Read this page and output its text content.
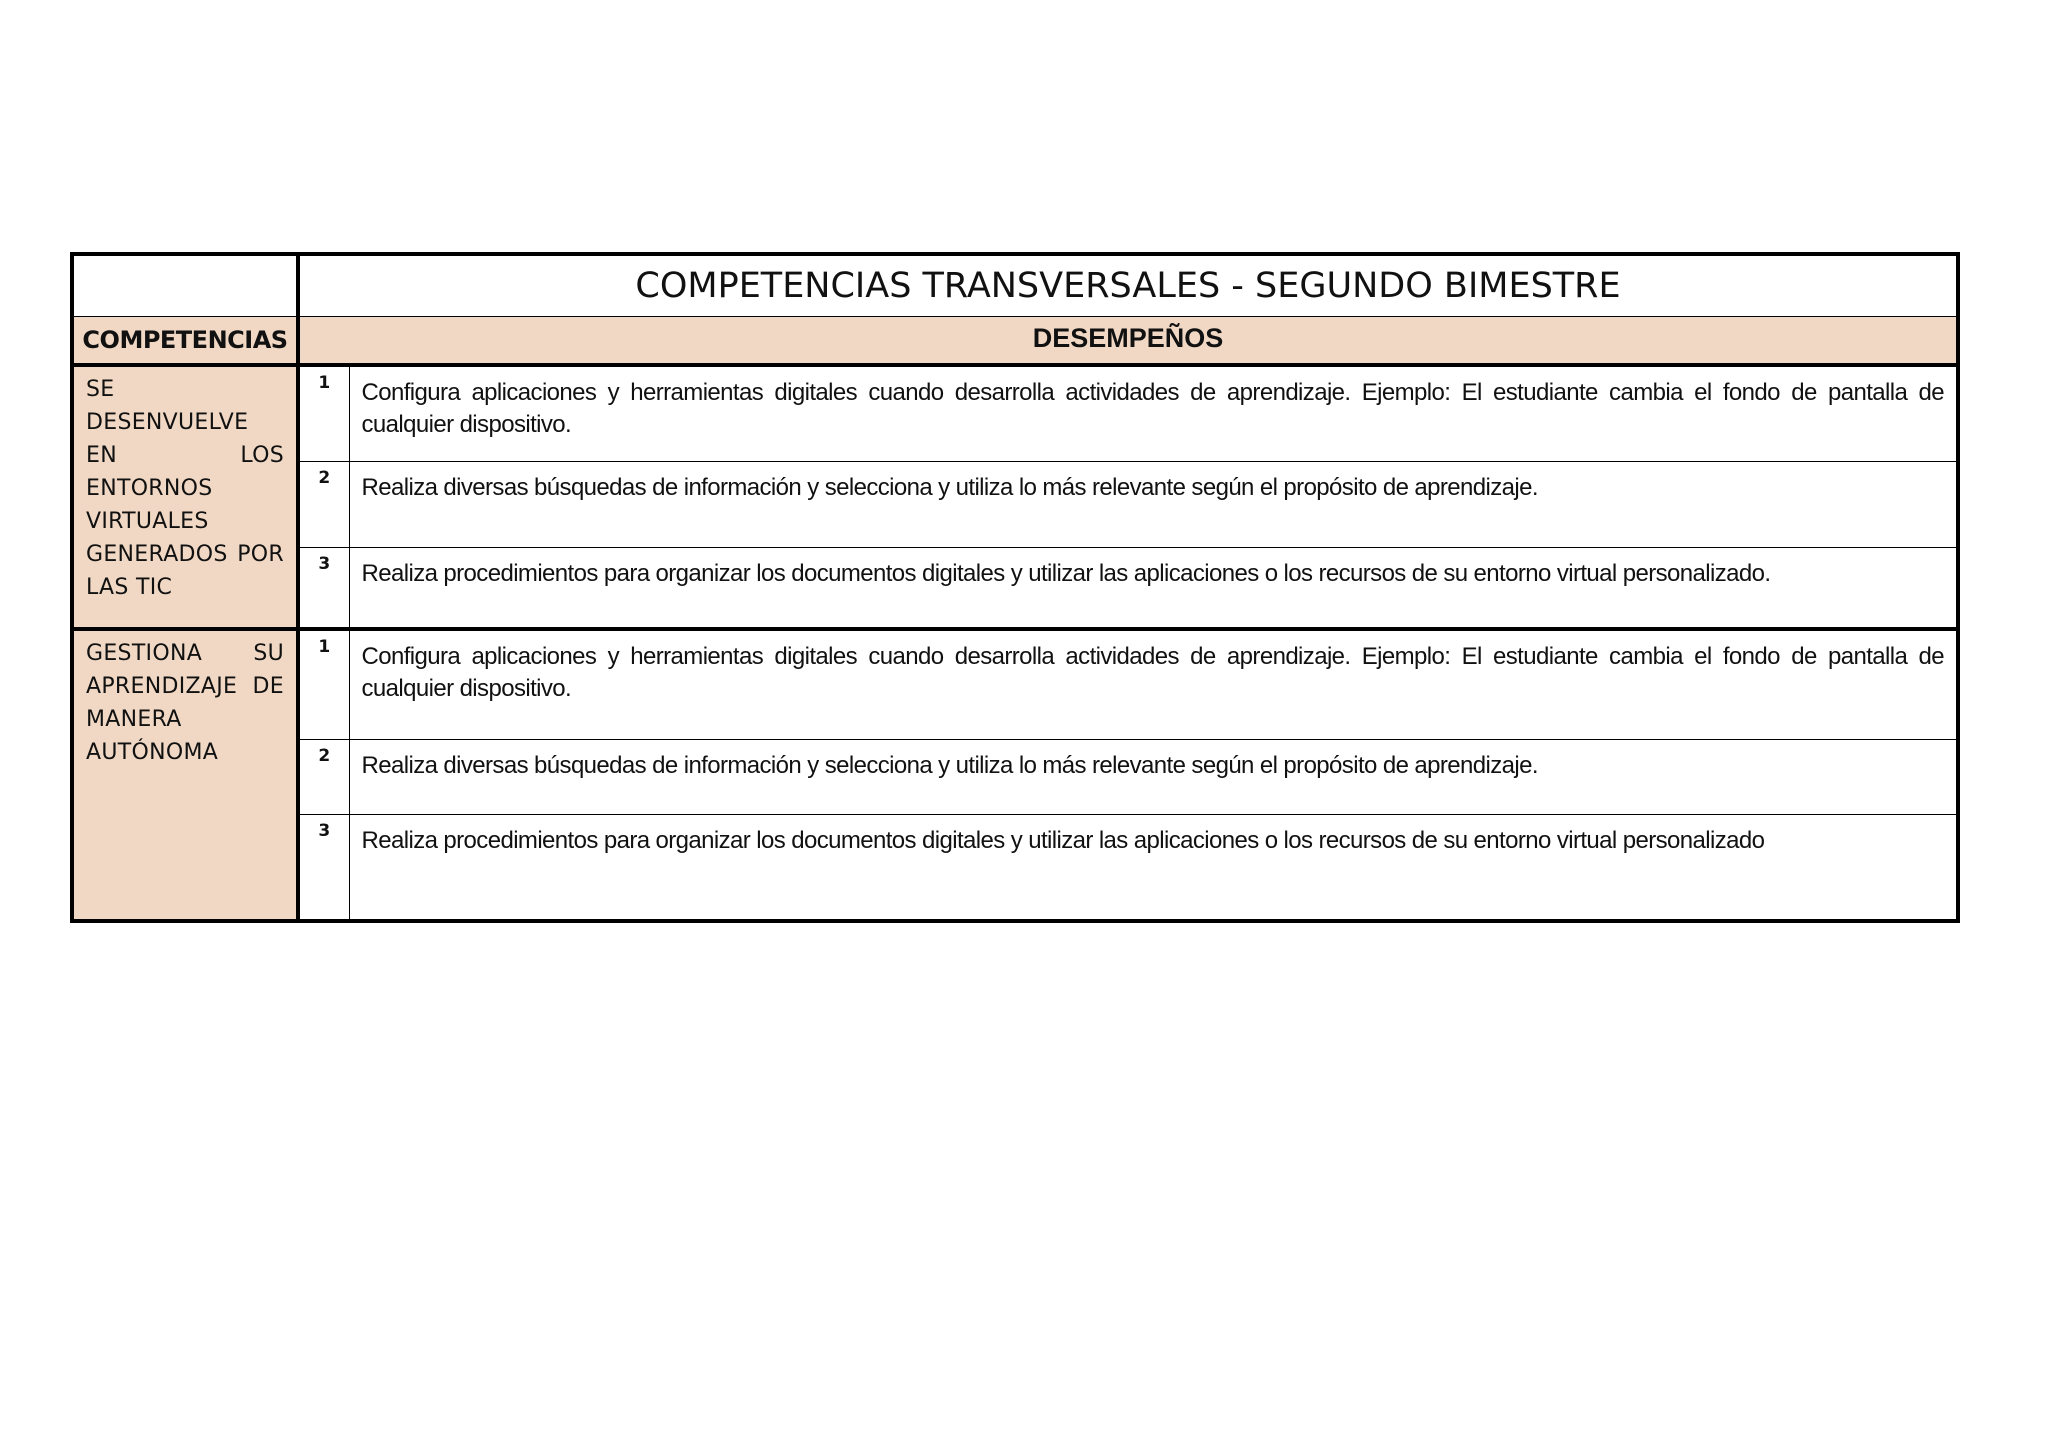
	COMPETENCIAS TRANSVERSALES - SEGUNDO BIMESTRE	
COMPETENCIAS	DESEMPEÑOS	
SE DESENVUELVE EN LOS ENTORNOS VIRTUALES GENERADOS POR LAS TIC	1	Configura aplicaciones y herramientas digitales cuando desarrolla actividades de aprendizaje. Ejemplo: El estudiante cambia el fondo de pantalla de cualquier dispositivo.
	2	Realiza diversas búsquedas de información y selecciona y utiliza lo más relevante según el propósito de aprendizaje.
	3	Realiza procedimientos para organizar los documentos digitales y utilizar las aplicaciones o los recursos de su entorno virtual personalizado.
GESTIONA SU APRENDIZAJE DE MANERA AUTÓNOMA	1	Configura aplicaciones y herramientas digitales cuando desarrolla actividades de aprendizaje. Ejemplo: El estudiante cambia el fondo de pantalla de cualquier dispositivo.
	2	Realiza diversas búsquedas de información y selecciona y utiliza lo más relevante según el propósito de aprendizaje.
	3	Realiza procedimientos para organizar los documentos digitales y utilizar las aplicaciones o los recursos de su entorno virtual personalizado
